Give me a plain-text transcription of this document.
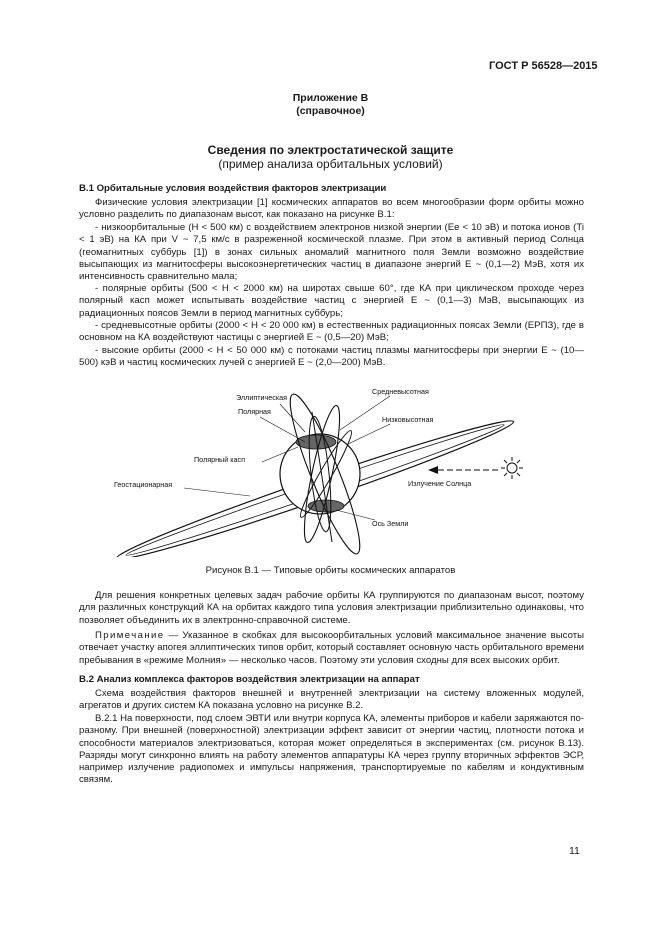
ГОСТ Р 56528—2015
Приложение В
(справочное)
Сведения по электростатической защите
(пример анализа орбитальных условий)
В.1 Орбитальные условия воздействия факторов электризации
Физические условия электризации [1] космических аппаратов во всем многообразии форм орбиты можно условно разделить по диапазонам высот, как показано на рисунке В.1:
- низкоорбитальные (H < 500 км) с воздействием электронов низкой энергии (Ee < 10 эВ) и потока ионов (Ti < 1 эВ) на КА при V ~ 7,5 км/с в разреженной космической плазме. При этом в активный период Солнца (геомагнитных суббурь [1]) в зонах сильных аномалий магнитного поля Земли возможно воздействие высыпающих из магнитосферы высокоэнергетических частиц в диапазоне энергий E ~ (0,1—2) МэВ, хотя их интенсивность сравнительно мала;
- полярные орбиты (500 < H < 2000 км) на широтах свыше 60°, где КА при циклическом проходе через полярный касп может испытывать воздействие частиц с энергией E ~ (0,1—3) МэВ, высыпающих из радиационных поясов Земли в период магнитных суббурь;
- средневысотные орбиты (2000 < H < 20 000 км) в естественных радиационных поясах Земли (ЕРПЗ), где в основном на КА воздействуют частицы с энергией E ~ (0,5—20) МэВ;
- высокие орбиты (2000 < H < 50 000 км) с потоками частиц плазмы магнитосферы при энергии E ~ (10—500) кэВ и частиц космических лучей с энергией E ~ (2,0—200) МэВ.
Эллиптическая
Средневысотная
Полярная
Низковысотная
Полярный касп
Геостационарная	Излучение Солнца
Ось Земли
Рисунок В.1 — Типовые орбиты космических аппаратов
Для решения конкретных целевых задач рабочие орбиты КА группируются по диапазонам высот, поэтому для различных конструкций КА на орбитах каждого типа условия электризации приблизительно одинаковы, что позволяет объединить их в электронно-справочной системе.
Примечание — Указанное в скобках для высокоорбитальных условий максимальное значение высоты отвечает участку апогея эллиптических типов орбит, который составляет основную часть орбитального времени пребывания в «режиме Молния» — несколько часов. Поэтому эти условия сходны для всех высоких орбит.
В.2 Анализ комплекса факторов воздействия электризации на аппарат
Схема воздействия факторов внешней и внутренней электризации на систему вложенных модулей, агрегатов и других систем КА показана условно на рисунке В.2.
В.2.1 На поверхности, под слоем ЭВТИ или внутри корпуса КА, элементы приборов и кабели заряжаются по-разному. При внешней (поверхностной) электризации эффект зависит от энергии частиц, плотности потока и способности материалов электризоваться, которая может определяться в экспериментах (см. рисунок В.13). Разряды могут синхронно влиять на работу элементов аппаратуры КА через группу вторичных эффектов ЭСР, например излучение радиопомех и импульсы напряжения, транспортируемые по кабелям и кондуктивным связям.
11
